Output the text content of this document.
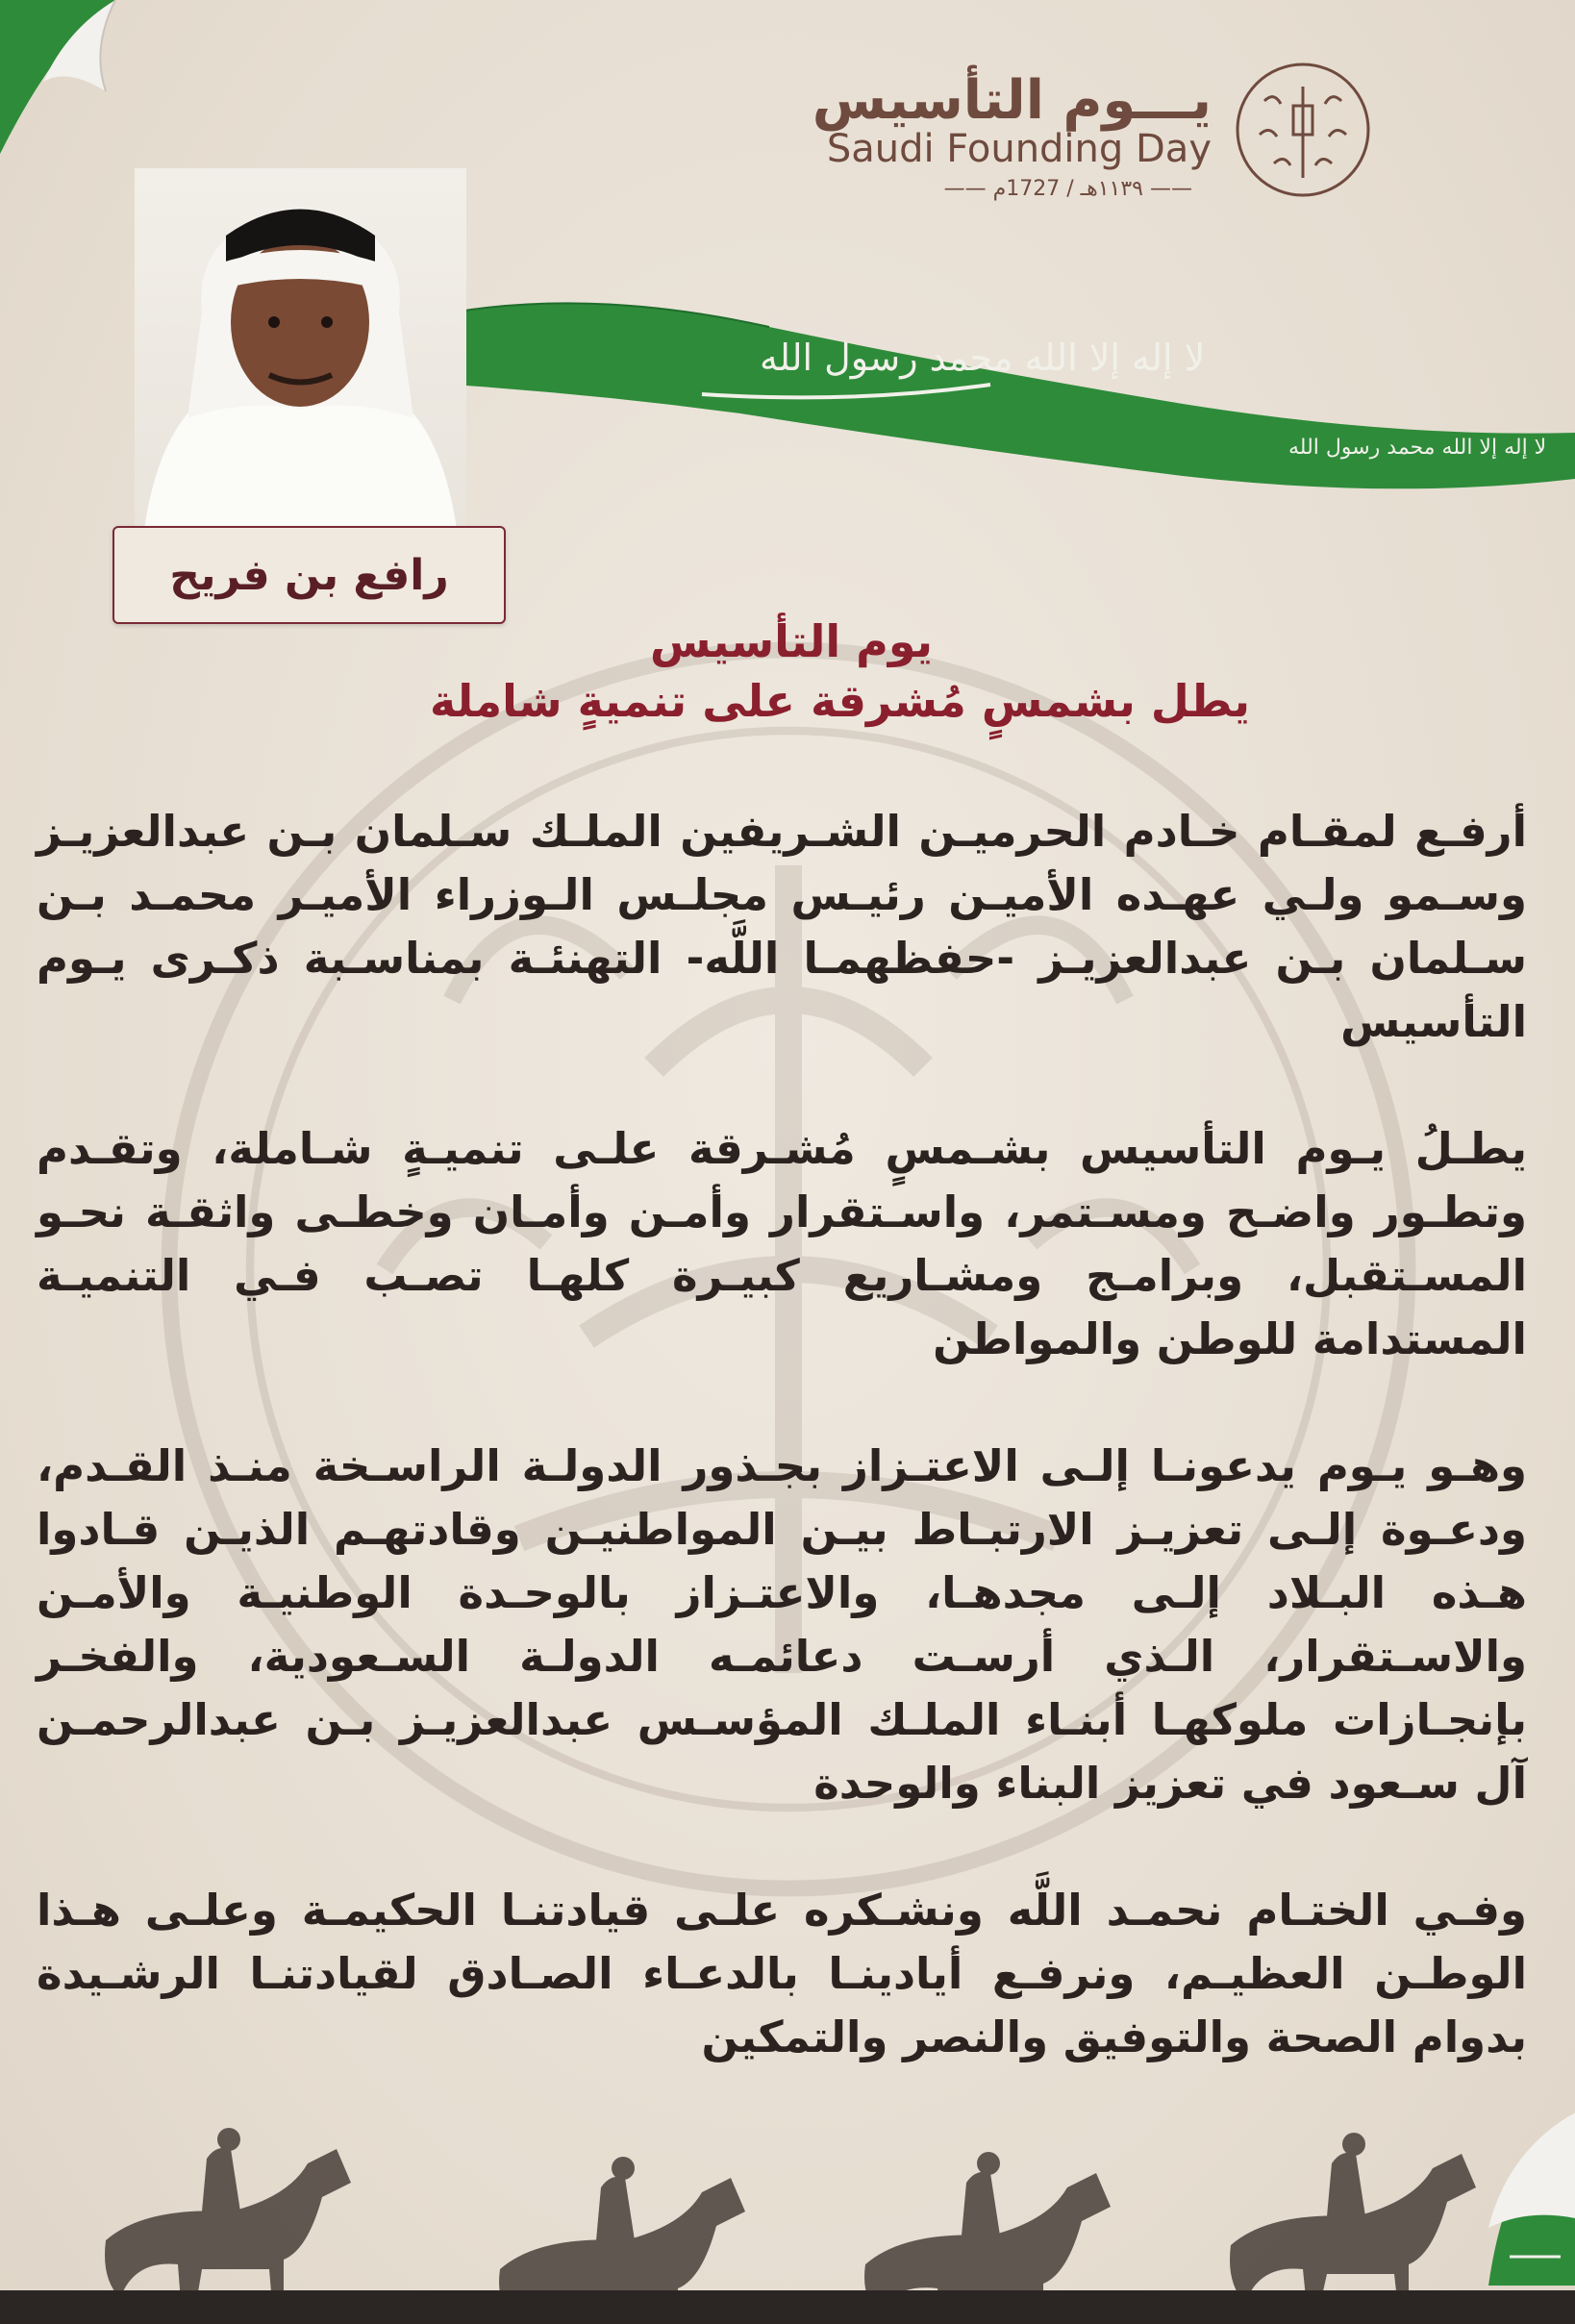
يـــوم التأسيس
Saudi Founding Day
—— ١١٣٩هـ / 1727م ——
لا إله إلا الله محمد رسول الله
لا إله إلا الله محمد رسول الله
رافع بن فريح
يوم التأسيس
يطل بشمسٍ مُشرقة على تنميةٍ شاملة

أرفـع لمقـام خـادم الحرميـن الشـريفين الملـك سـلمان بـن عبدالعزيـز وسـمو ولـي عهـده الأميـن رئيـس مجلـس الـوزراء الأميـر محمـد بـن سـلمان بـن عبدالعزيـز -حفظهمـا اللَّه- التهنئـة بمناسـبة ذكـرى يـوم التأسيس

يطـلُ يـوم التأسيس بشـمسٍ مُشـرقة علـى تنميـةٍ شـاملة، وتقـدم وتطـور واضـح ومسـتمر، واسـتقرار وأمـن وأمـان وخطـى واثقـة نحـو المسـتقبل، وبرامـج ومشـاريع كبيـرة كلهـا تصـب فـي التنميـة المستدامة للوطن والمواطن

وهـو يـوم يدعونـا إلـى الاعتـزاز بجـذور الدولـة الراسـخة منـذ القـدم، ودعـوة إلـى تعزيـز الارتبـاط بيـن المواطنيـن وقادتهـم الذيـن قـادوا هـذه البـلاد إلـى مجدهـا، والاعتـزاز بالوحـدة الوطنيـة والأمـن والاسـتقرار، الـذي أرسـت دعائمـه الدولـة السـعودية، والفخـر بإنجـازات ملوكهـا أبنـاء الملـك المؤسـس عبدالعزيـز بـن عبدالرحمـن آل سـعود في تعزيز البناء والوحدة

وفـي الختـام نحمـد اللَّه ونشـكره علـى قيادتنـا الحكيمـة وعلـى هـذا الوطـن العظيـم، ونرفـع أيادينـا بالدعـاء الصـادق لقيادتنـا الرشـيدة بدوام الصحة والتوفيق والنصر والتمكين
